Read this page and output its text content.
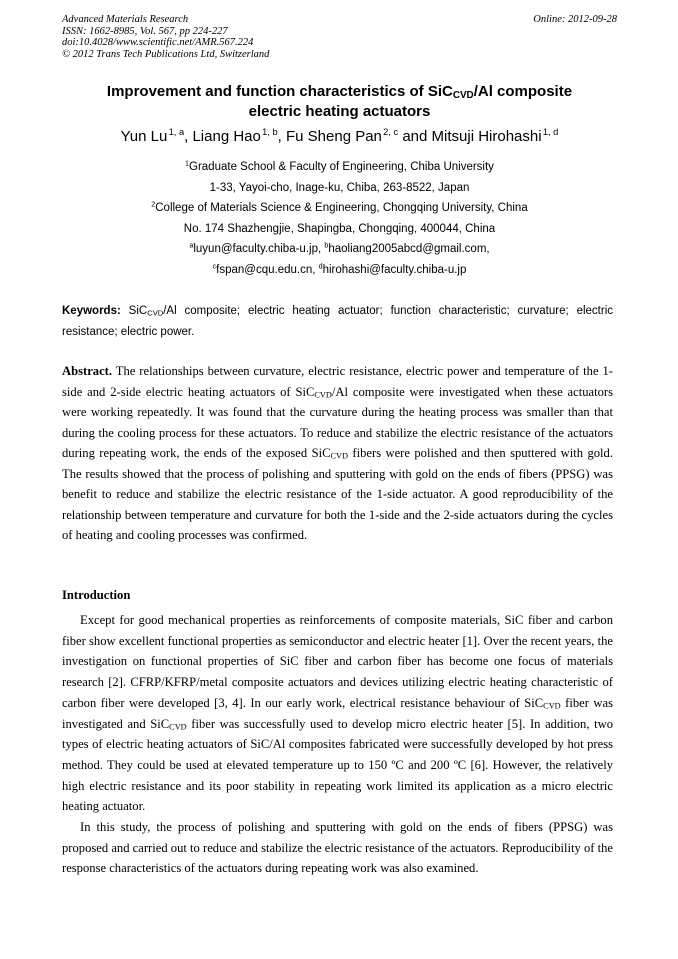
Advanced Materials Research
ISSN: 1662-8985, Vol. 567, pp 224-227
doi:10.4028/www.scientific.net/AMR.567.224
© 2012 Trans Tech Publications Ltd, Switzerland
Online: 2012-09-28
Improvement and function characteristics of SiC$_{CVD}$/Al composite
electric heating actuators
Yun Lu $^{1, a}$, Liang Hao $^{1, b}$, Fu Sheng Pan $^{2, c}$ and Mitsuji Hirohashi $^{1, d}$
$^1$Graduate School & Faculty of Engineering, Chiba University
1-33, Yayoi-cho, Inage-ku, Chiba, 263-8522, Japan
$^2$College of Materials Science & Engineering, Chongqing University, China
No. 174 Shazhengjie, Shapingba, Chongqing, 400044, China
$^a$luyun@faculty.chiba-u.jp, $^b$haoliang2005abcd@gmail.com,
$^c$fspan@cqu.edu.cn, $^d$hirohashi@faculty.chiba-u.jp
Keywords: SiC$_{CVD}$/Al composite; electric heating actuator; function characteristic; curvature; electric resistance; electric power.
Abstract. The relationships between curvature, electric resistance, electric power and temperature of the 1-side and 2-side electric heating actuators of SiC$_{CVD}$/Al composite were investigated when these actuators were working repeatedly. It was found that the curvature during the heating process was smaller than that during the cooling process for these actuators. To reduce and stabilize the electric resistance of the actuators during repeating work, the ends of the exposed SiC$_{CVD}$ fibers were polished and then sputtered with gold. The results showed that the process of polishing and sputtering with gold on the ends of fibers (PPSG) was benefit to reduce and stabilize the electric resistance of the 1-side actuator. A good reproducibility of the relationship between temperature and curvature for both the 1-side and the 2-side actuators during the cycles of heating and cooling processes was confirmed.
Introduction

Except for good mechanical properties as reinforcements of composite materials, SiC fiber and carbon fiber show excellent functional properties as semiconductor and electric heater [1]. Over the recent years, the investigation on functional properties of SiC fiber and carbon fiber has become one focus of materials research [2]. CFRP/KFRP/metal composite actuators and devices utilizing electric heating characteristic of carbon fiber were developed [3, 4]. In our early work, electrical resistance behaviour of SiC$_{CVD}$ fiber was investigated and SiC$_{CVD}$ fiber was successfully used to develop micro electric heater [5]. In addition, two types of electric heating actuators of SiC/Al composites fabricated were successfully developed by hot press method. They could be used at elevated temperature up to 150 ºC and 200 ºC [6]. However, the relatively high electric resistance and its poor stability in repeating work limited its application as a micro electric heating actuator.

In this study, the process of polishing and sputtering with gold on the ends of fibers (PPSG) was proposed and carried out to reduce and stabilize the electric resistance of the actuators. Reproducibility of the response characteristics of the actuators during repeating work was also examined.
